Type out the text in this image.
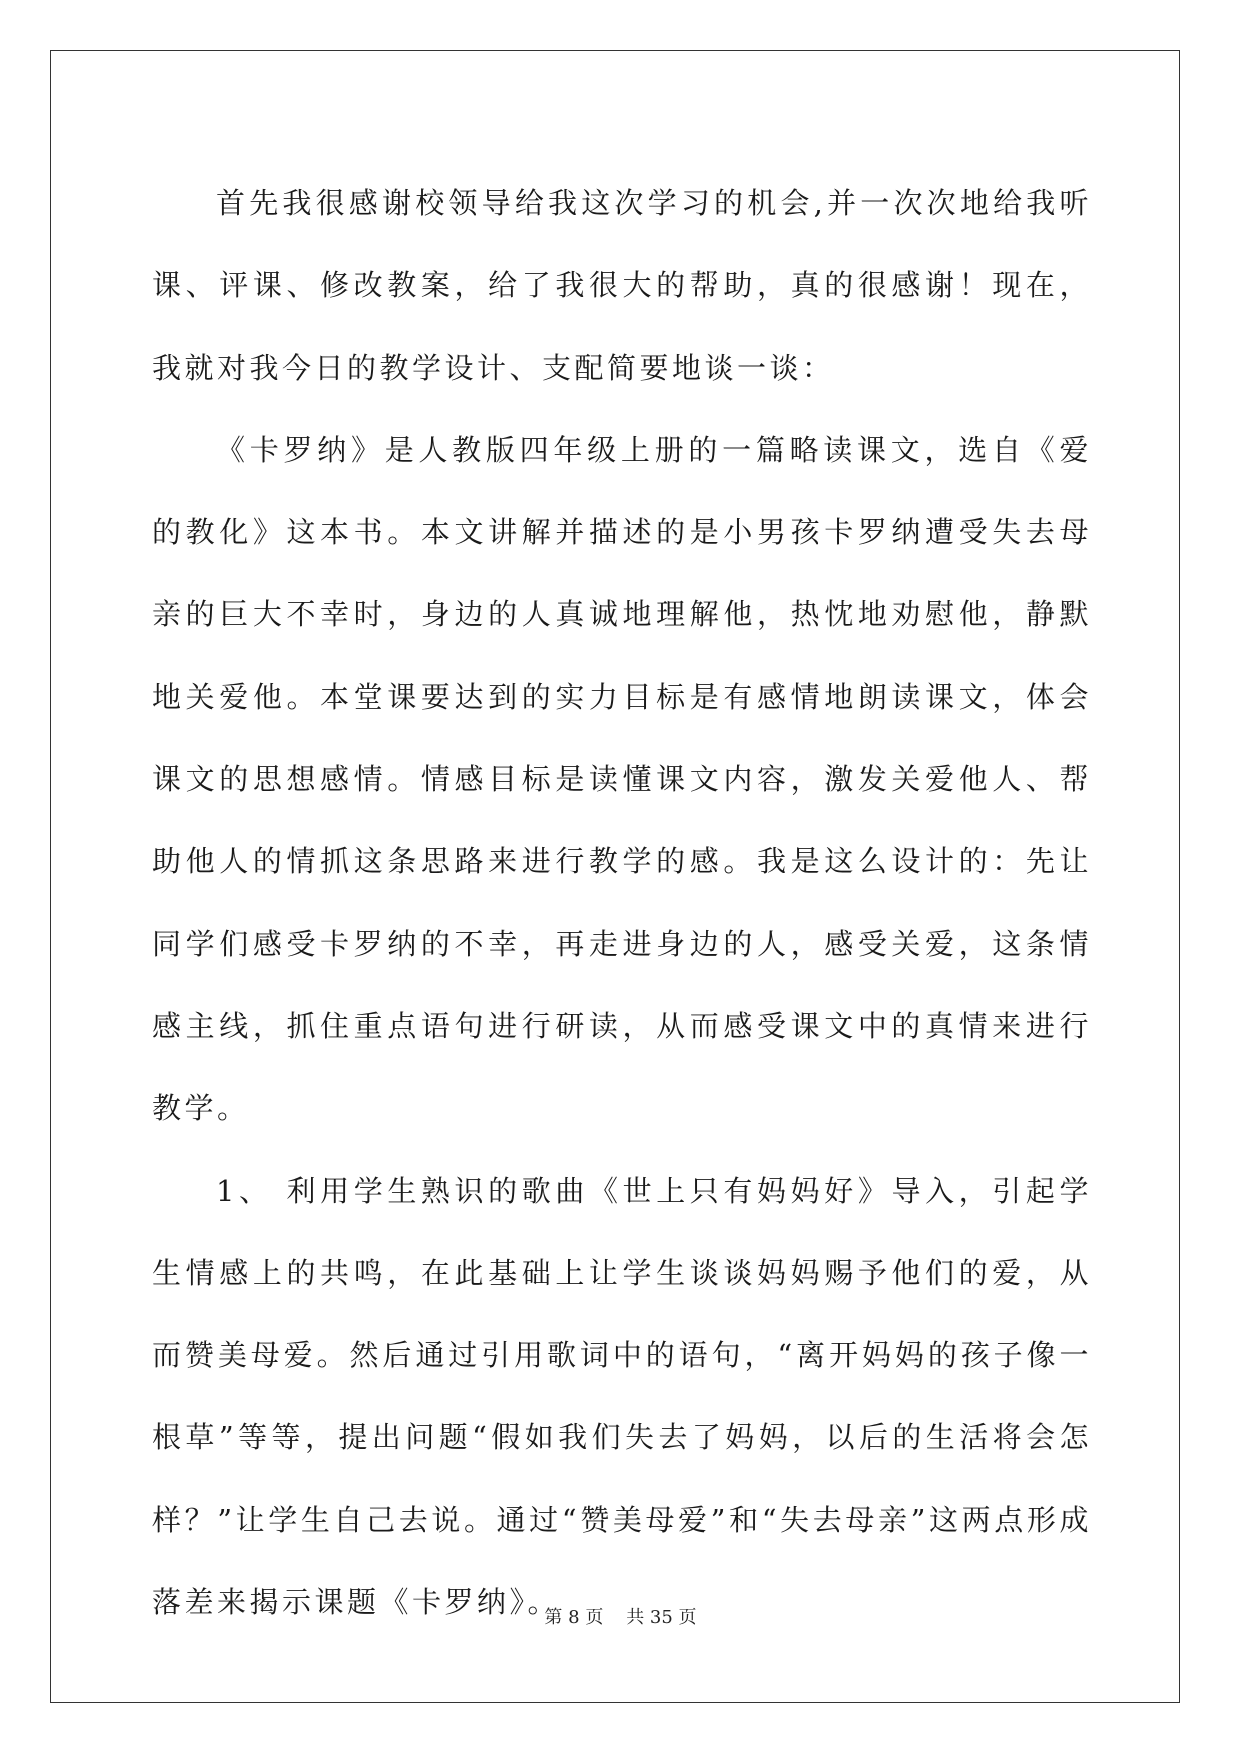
首先我很感谢校领导给我这次学习的机会,并一次次地给我听课、评课、修改教案，给了我很大的帮助，真的很感谢！现在，我就对我今日的教学设计、支配简要地谈一谈：

《卡罗纳》是人教版四年级上册的一篇略读课文，选自《爱的教化》这本书。本文讲解并描述的是小男孩卡罗纳遭受失去母亲的巨大不幸时，身边的人真诚地理解他，热忱地劝慰他，静默地关爱他。本堂课要达到的实力目标是有感情地朗读课文，体会课文的思想感情。情感目标是读懂课文内容，激发关爱他人、帮助他人的情抓这条思路来进行教学的感。我是这么设计的：先让同学们感受卡罗纳的不幸，再走进身边的人，感受关爱，这条情感主线，抓住重点语句进行研读，从而感受课文中的真情来进行教学。

1、 利用学生熟识的歌曲《世上只有妈妈好》导入，引起学生情感上的共鸣，在此基础上让学生谈谈妈妈赐予他们的爱，从而赞美母爱。然后通过引用歌词中的语句，“离开妈妈的孩子像一根草”等等，提出问题“假如我们失去了妈妈，以后的生活将会怎样？”让学生自己去说。通过“赞美母爱”和“失去母亲”这两点形成落差来揭示课题《卡罗纳》。

第 8 页    共 35 页
